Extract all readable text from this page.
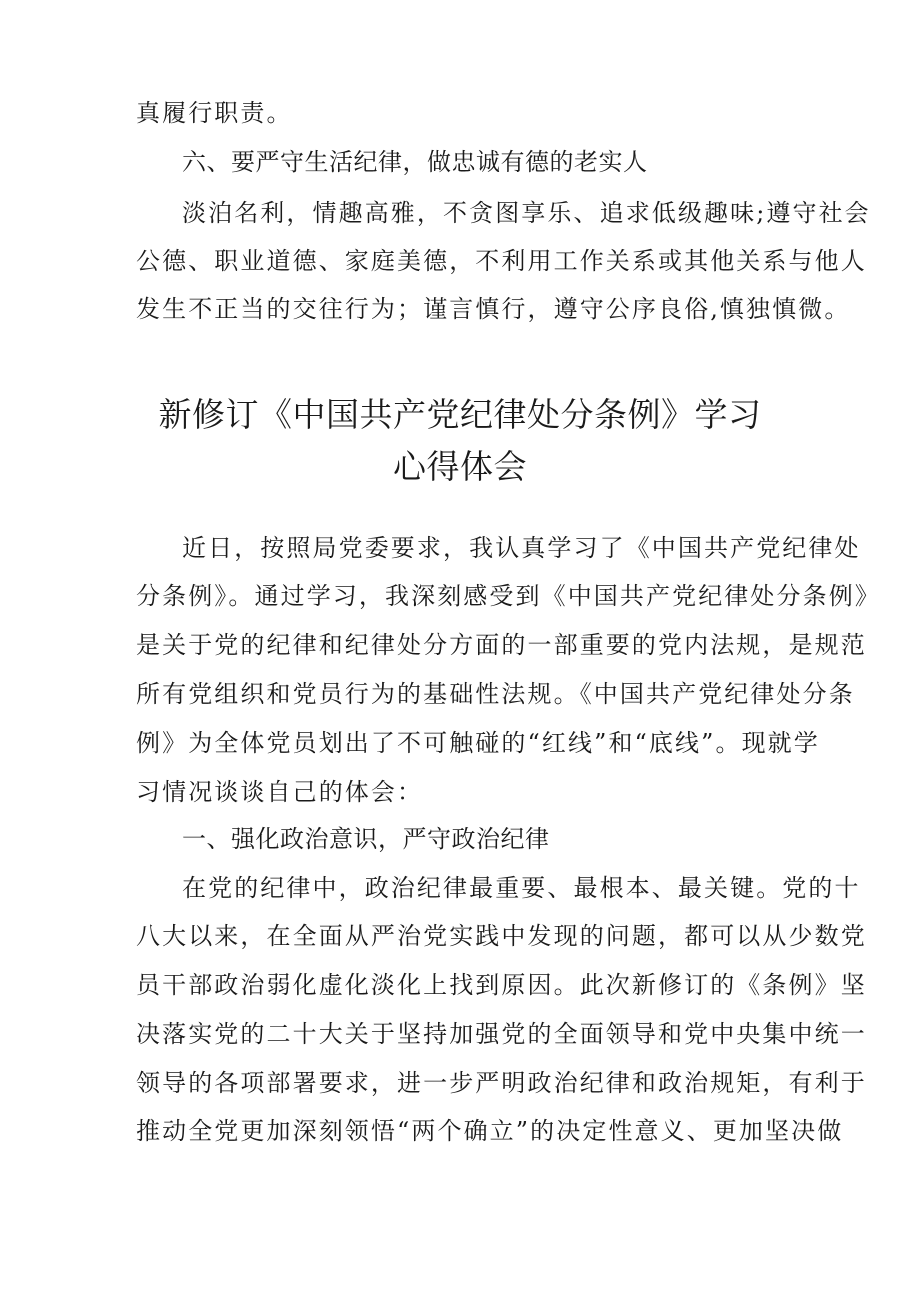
真履行职责。
六、要严守生活纪律，做忠诚有德的老实人
淡泊名利，情趣高雅，不贪图享乐、追求低级趣味;遵守社会
公德、职业道德、家庭美德，不利用工作关系或其他关系与他人
发生不正当的交往行为；谨言慎行，遵守公序良俗,慎独慎微。
新修订《中国共产党纪律处分条例》学习
心得体会
近日，按照局党委要求，我认真学习了《中国共产党纪律处
分条例》。通过学习，我深刻感受到《中国共产党纪律处分条例》
是关于党的纪律和纪律处分方面的一部重要的党内法规，是规范
所有党组织和党员行为的基础性法规。《中国共产党纪律处分条
例》为全体党员划出了不可触碰的“红线”和“底线”。现就学
习情况谈谈自己的体会：
一、强化政治意识，严守政治纪律
在党的纪律中，政治纪律最重要、最根本、最关键。党的十
八大以来，在全面从严治党实践中发现的问题，都可以从少数党
员干部政治弱化虚化淡化上找到原因。此次新修订的《条例》坚
决落实党的二十大关于坚持加强党的全面领导和党中央集中统一
领导的各项部署要求，进一步严明政治纪律和政治规矩，有利于
推动全党更加深刻领悟“两个确立”的决定性意义、更加坚决做
